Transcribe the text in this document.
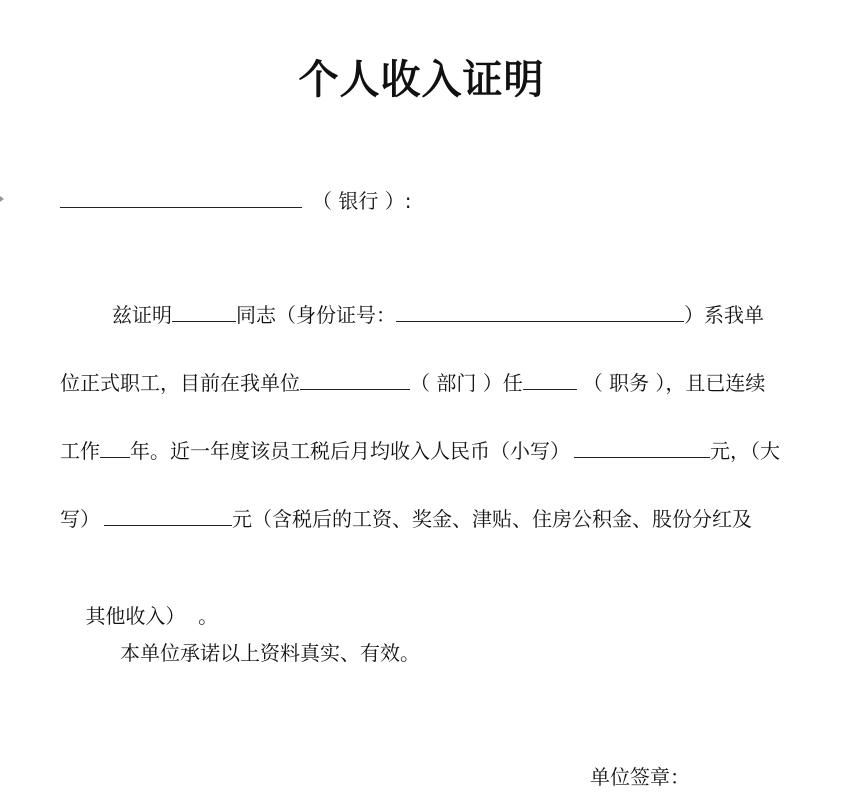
个人收入证明
（ 银行 ）:
兹证明	同志（身份证号：	）系我单
位正式职工，目前在我单位	（ 部门 ）任	（ 职务 ），且已连续
工作 年。近一年度该员工税后月均收入人民币（小写）	元，（大
写）	元（含税后的工资、奖金、津贴、住房公积金、股份分红及

其他收入）  。

本单位承诺以上资料真实、有效。
单位签章：
